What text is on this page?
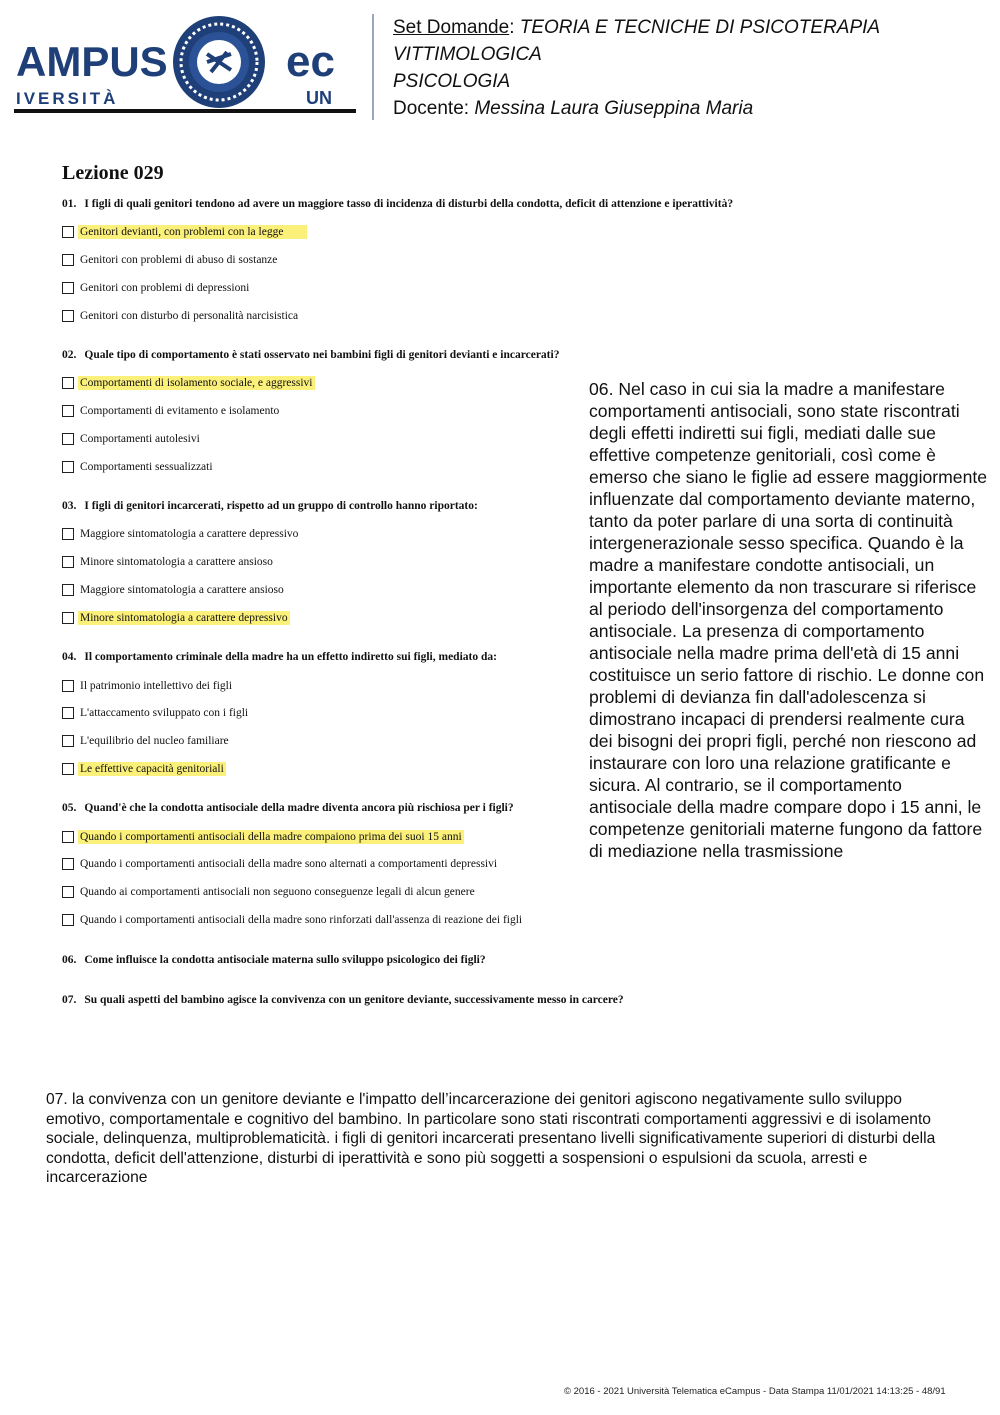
AMPUS
IVERSITÀ
ec
UN
Set Domande: TEORIA E TECNICHE DI PSICOTERAPIA VITTIMOLOGICA
PSICOLOGIA
Docente: Messina Laura Giuseppina Maria
Lezione 029
01. I figli di quali genitori tendono ad avere un maggiore tasso di incidenza di disturbi della condotta, deficit di attenzione e iperattività?
Genitori devianti, con problemi con la legge
Genitori con problemi di abuso di sostanze
Genitori con problemi di depressioni
Genitori con disturbo di personalità narcisistica
02. Quale tipo di comportamento è stati osservato nei bambini figli di genitori devianti e incarcerati?
Comportamenti di isolamento sociale, e aggressivi
Comportamenti di evitamento e isolamento
Comportamenti autolesivi
Comportamenti sessualizzati
03. I figli di genitori incarcerati, rispetto ad un gruppo di controllo hanno riportato:
Maggiore sintomatologia a carattere depressivo
Minore sintomatologia a carattere ansioso
Maggiore sintomatologia a carattere ansioso
Minore sintomatologia a carattere depressivo
04. Il comportamento criminale della madre ha un effetto indiretto sui figli, mediato da:
Il patrimonio intellettivo dei figli
L'attaccamento sviluppato con i figli
L'equilibrio del nucleo familiare
Le effettive capacità genitoriali
05. Quand'è che la condotta antisociale della madre diventa ancora più rischiosa per i figli?
Quando i comportamenti antisociali della madre compaiono prima dei suoi 15 anni
Quando i comportamenti antisociali della madre sono alternati a comportamenti depressivi
Quando ai comportamenti antisociali non seguono conseguenze legali di alcun genere
Quando i comportamenti antisociali della madre sono rinforzati dall'assenza di reazione dei figli
06. Come influisce la condotta antisociale materna sullo sviluppo psicologico dei figli?
07. Su quali aspetti del bambino agisce la convivenza con un genitore deviante, successivamente messo in carcere?
06. Nel caso in cui sia la madre a manifestare comportamenti antisociali, sono state riscontrati degli effetti indiretti sui figli, mediati dalle sue effettive competenze genitoriali, così come è emerso che siano le figlie ad essere maggiormente influenzate dal comportamento deviante materno, tanto da poter parlare di una sorta di continuità intergenerazionale sesso specifica. Quando è la madre a manifestare condotte antisociali, un importante elemento da non trascurare si riferisce al periodo dell'insorgenza del comportamento antisociale. La presenza di comportamento antisociale nella madre prima dell'età di 15 anni costituisce un serio fattore di rischio. Le donne con problemi di devianza fin dall'adolescenza si dimostrano incapaci di prendersi realmente cura dei bisogni dei propri figli, perché non riescono ad instaurare con loro una relazione gratificante e sicura. Al contrario, se il comportamento antisociale della madre compare dopo i 15 anni, le competenze genitoriali materne fungono da fattore di mediazione nella trasmissione
07. la convivenza con un genitore deviante e l'impatto dell’incarcerazione dei genitori agiscono negativamente sullo sviluppo emotivo, comportamentale e cognitivo del bambino. In particolare sono stati riscontrati comportamenti aggressivi e di isolamento sociale, delinquenza, multiproblematicità. i figli di genitori incarcerati presentano livelli significativamente superiori di disturbi della condotta, deficit dell'attenzione, disturbi di iperattività e sono più soggetti a sospensioni o espulsioni da scuola, arresti e incarcerazione
© 2016 - 2021 Università Telematica eCampus - Data Stampa 11/01/2021 14:13:25 - 48/91
